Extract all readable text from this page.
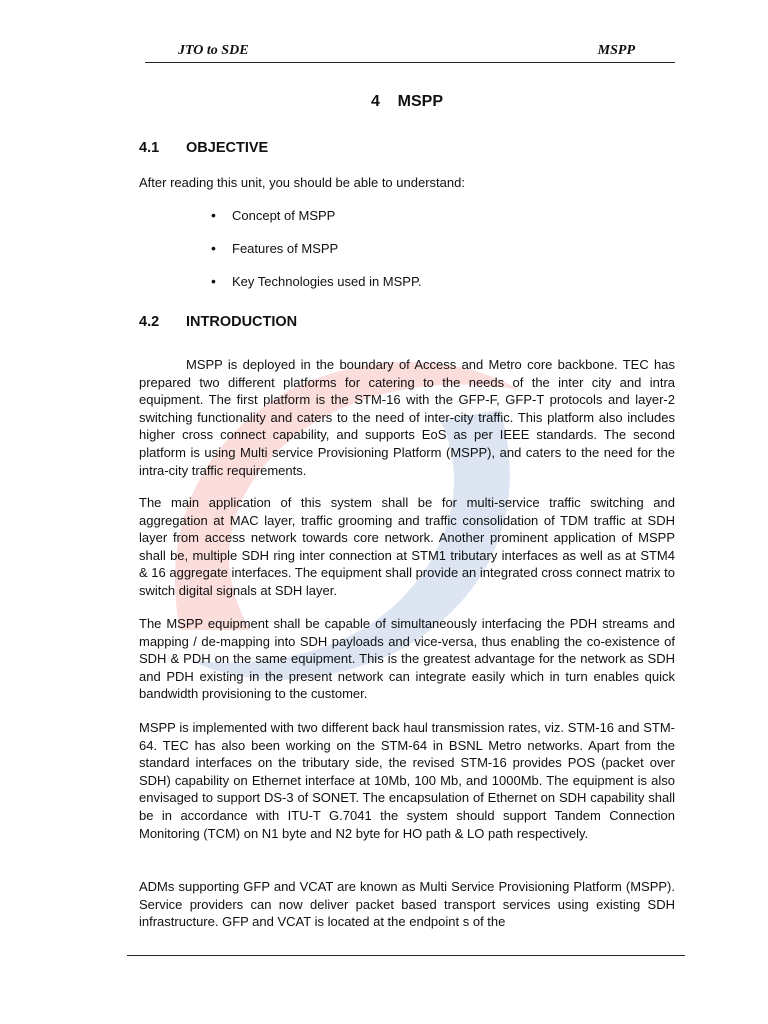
JTO to SDE	MSPP
4    MSPP
4.1 OBJECTIVE

After reading this unit, you should be able to understand:

• Concept of MSPP
• Features of MSPP
• Key Technologies used in MSPP.
4.2 INTRODUCTION

MSPP is deployed in the boundary of Access and Metro core backbone. TEC has prepared two different platforms for catering to the needs of the inter city and intra equipment. The first platform is the STM-16 with the GFP-F, GFP-T protocols and layer-2 switching functionality and caters to the need of inter-city traffic. This platform also includes higher cross connect capability, and supports EoS as per IEEE standards. The second platform is using Multi service Provisioning Platform (MSPP), and caters to the need for the intra-city traffic requirements.

The main application of this system shall be for multi-service traffic switching and aggregation at MAC layer, traffic grooming and traffic consolidation of TDM traffic at SDH layer from access network towards core network. Another prominent application of MSPP shall be, multiple SDH ring inter connection at STM1 tributary interfaces as well as at STM4 & 16 aggregate interfaces. The equipment shall provide an integrated cross connect matrix to switch digital signals at SDH layer.

The MSPP equipment shall be capable of simultaneously interfacing the PDH streams and mapping / de-mapping into SDH payloads and vice-versa, thus enabling the co-existence of SDH & PDH on the same equipment. This is the greatest advantage for the network as SDH and PDH existing in the present network can integrate easily which in turn enables quick bandwidth provisioning to the customer.

MSPP is implemented with two different back haul transmission rates, viz. STM-16 and STM-64. TEC has also been working on the STM-64 in BSNL Metro networks. Apart from the standard interfaces on the tributary side, the revised STM-16 provides POS (packet over SDH) capability on Ethernet interface at 10Mb, 100 Mb, and 1000Mb. The equipment is also envisaged to support DS-3 of SONET. The encapsulation of Ethernet on SDH capability shall be in accordance with ITU-T G.7041 the system should support Tandem Connection Monitoring (TCM) on N1 byte and N2 byte for HO path & LO path respectively.

ADMs supporting GFP and VCAT are known as Multi Service Provisioning Platform (MSPP). Service providers can now deliver packet based transport services using existing SDH infrastructure. GFP and VCAT is located at the endpoint s of the
